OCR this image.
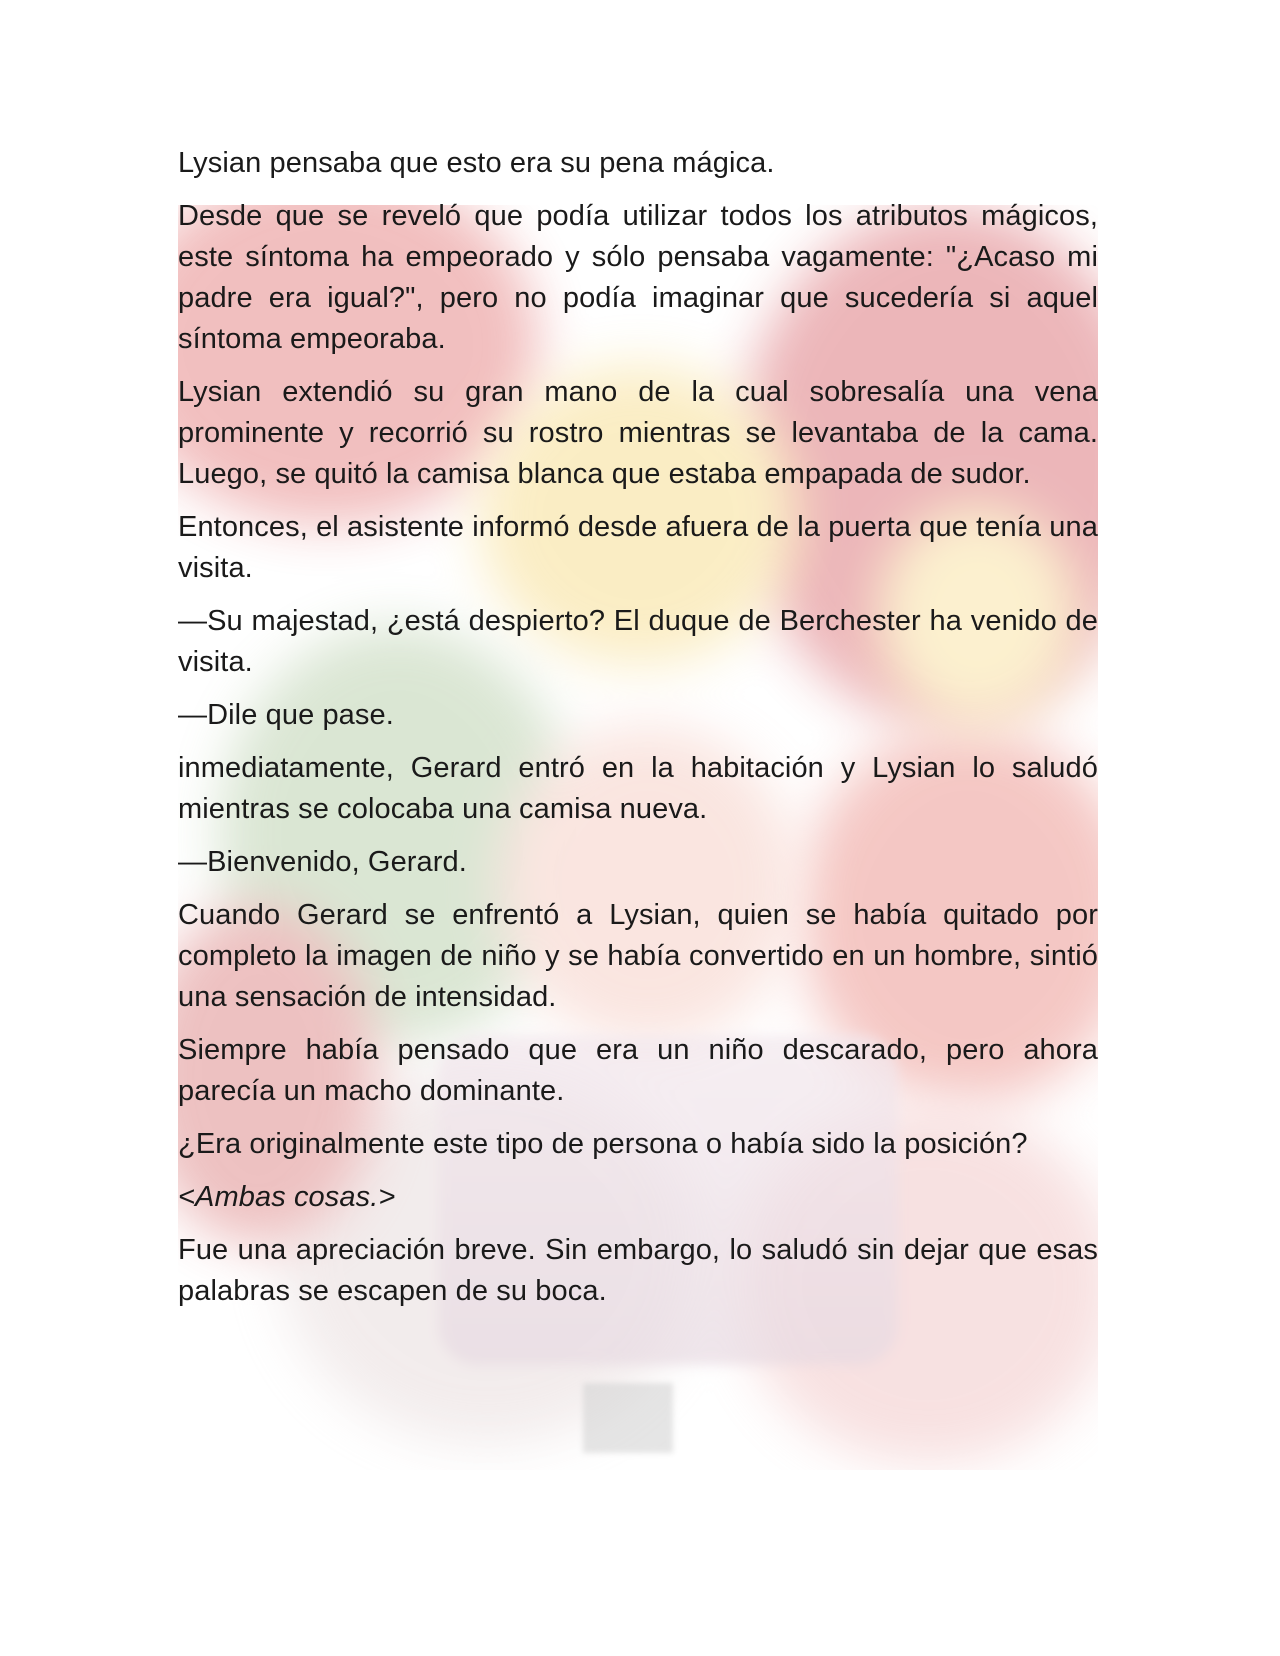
Lysian pensaba que esto era su pena mágica.

Desde que se reveló que podía utilizar todos los atributos mágicos, este síntoma ha empeorado y sólo pensaba vagamente: "¿Acaso mi padre era igual?", pero no podía imaginar que sucedería si aquel síntoma empeoraba.

Lysian extendió su gran mano de la cual sobresalía una vena prominente y recorrió su rostro mientras se levantaba de la cama. Luego, se quitó la camisa blanca que estaba empapada de sudor.

Entonces, el asistente informó desde afuera de la puerta que tenía una visita.

—Su majestad, ¿está despierto? El duque de Berchester ha venido de visita.

—Dile que pase.

inmediatamente, Gerard entró en la habitación y Lysian lo saludó mientras se colocaba una camisa nueva.

—Bienvenido, Gerard.

Cuando Gerard se enfrentó a Lysian, quien se había quitado por completo la imagen de niño y se había convertido en un hombre, sintió una sensación de intensidad.

Siempre había pensado que era un niño descarado, pero ahora parecía un macho dominante.

¿Era originalmente este tipo de persona o había sido la posición?

<Ambas cosas.>

Fue una apreciación breve. Sin embargo, lo saludó sin dejar que esas palabras se escapen de su boca.
